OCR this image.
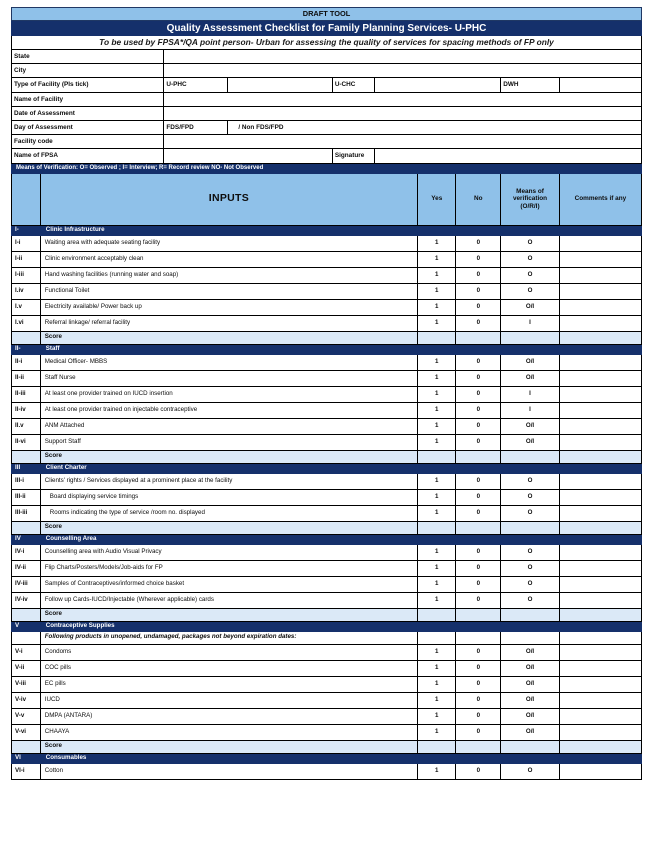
DRAFT TOOL									
Quality Assessment Checklist for Family Planning Services- U-PHC									
To be used by FPSA*/QA point person- Urban for assessing the quality of services for spacing methods of FP only									
State									
City									
Type of Facility (Pls tick)		U-PHC		U-CHC				DWH	
Name of Facility									
Date of Assessment									
Day of Assessment		FDS/FPD	/ Non FDS/FPD						
Facility code									
Name of FPSA				Signature					
Means of Verification: O= Observed ; I= Interview; R= Record review NO- Not Observed									
	INPUTS					Yes	No	Means of
verification
(O/R/I)	Comments if any
I-	Clinic Infrastructure								
I-i	Waiting area with adequate seating facility					1	0	O	
I-ii	Clinic environment acceptably clean					1	0	O	
I-iii	Hand washing facilities (running water and soap)					1	0	O	
I.iv	Functional Toilet					1	0	O	
I.v	Electricity available/ Power back up					1	0	O/I	
I.vi	Referral linkage/ referral facility					1	0	I	
	Score								
II-	Staff								
II-i	Medical Officer- MBBS					1	0	O/I	
II-ii	Staff Nurse					1	0	O/I	
II-iii	At least one provider trained on IUCD insertion					1	0	I	
II-iv	At least one provider trained on injectable contraceptive					1	0	I	
II.v	ANM Attached					1	0	O/I	
II-vi	Support Staff					1	0	O/I	
	Score								
III	Client Charter								
III-i	Clients' rights / Services displayed at a prominent place at the facility					1	0	O	
III-ii	Board displaying service timings					1	0	O	
III-iii	Rooms indicating the type of service /room no. displayed					1	0	O	
	Score								
IV	Counselling Area								
IV-i	Counselling area with Audio Visual Privacy					1	0	O	
IV-ii	Flip Charts/Posters/Models/Job-aids for FP					1	0	O	
IV-iii	Samples of Contraceptives/informed choice basket					1	0	O	
IV-iv	Follow up Cards-IUCD/Injectable (Wherever applicable) cards					1	0	O	
	Score								
V	Contraceptive Supplies								
	Following products in unopened, undamaged, packages not beyond expiration dates:								
V-i	Condoms					1	0	O/I	
V-ii	COC pills					1	0	O/I	
V-iii	EC pills					1	0	O/I	
V-iv	IUCD					1	0	O/I	
V-v	DMPA (ANTARA)					1	0	O/I	
V-vi	CHAAYA					1	0	O/I	
	Score								
VI	Consumables								
VI-i	Cotton					1	0	O	
